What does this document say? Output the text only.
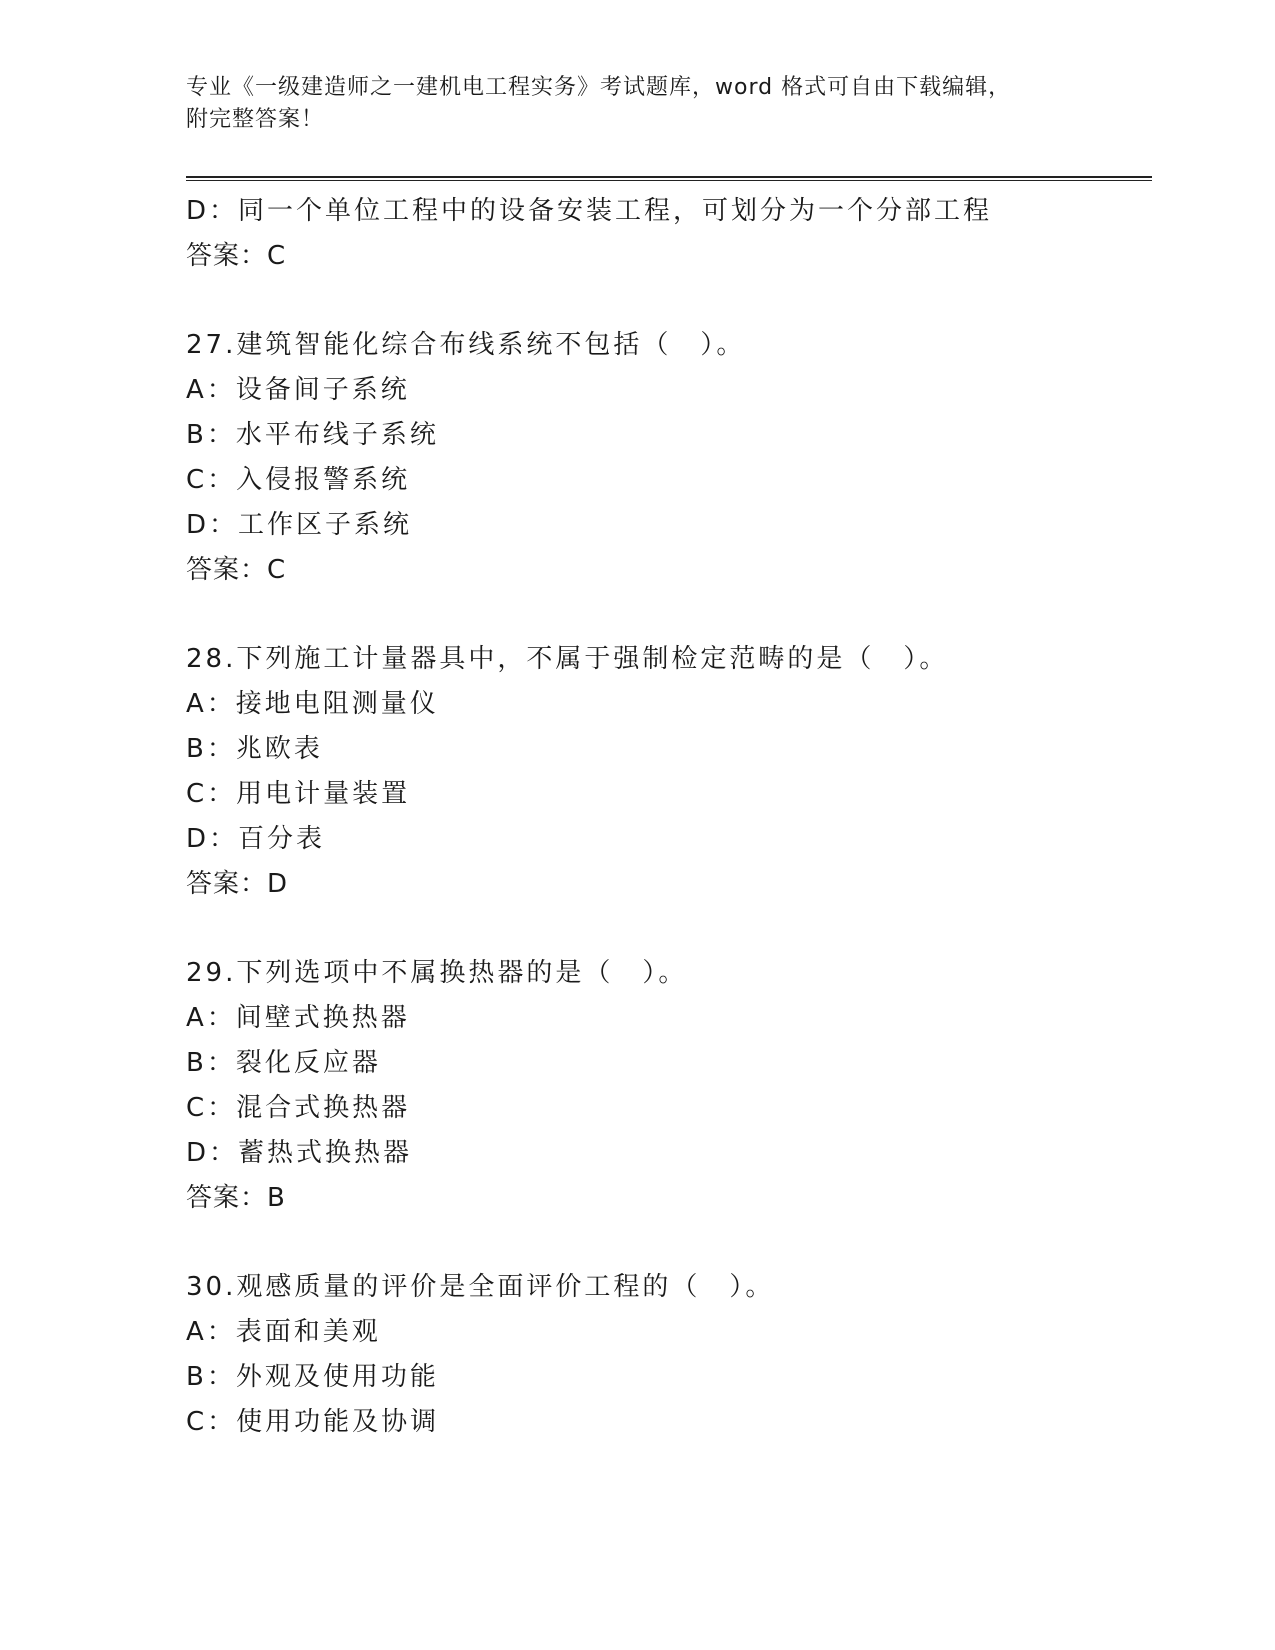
专业《一级建造师之一建机电工程实务》考试题库，word 格式可自由下载编辑，
附完整答案！
D：同一个单位工程中的设备安装工程，可划分为一个分部工程
答案：C
27.建筑智能化综合布线系统不包括（　）。
A：设备间子系统
B：水平布线子系统
C：入侵报警系统
D：工作区子系统
答案：C
28.下列施工计量器具中，不属于强制检定范畴的是（　）。
A：接地电阻测量仪
B：兆欧表
C：用电计量装置
D：百分表
答案：D
29.下列选项中不属换热器的是（　）。
A：间壁式换热器
B：裂化反应器
C：混合式换热器
D：蓄热式换热器
答案：B
30.观感质量的评价是全面评价工程的（　）。
A：表面和美观
B：外观及使用功能
C：使用功能及协调
